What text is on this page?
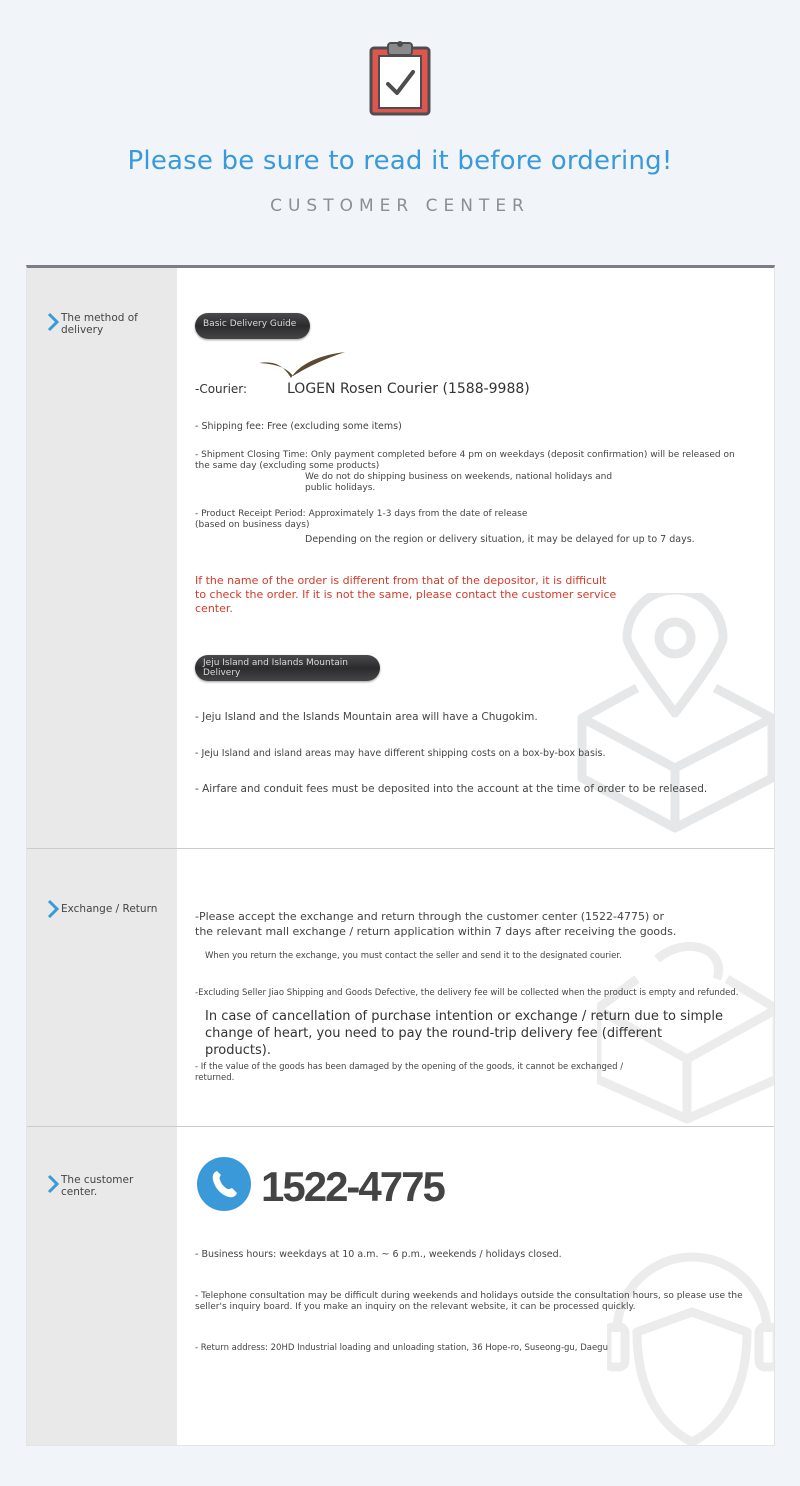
Please be sure to read it before ordering!
CUSTOMER CENTER
The method of delivery	Basic Delivery Guide
-Courier:	LOGEN Rosen Courier (1588-9988)
- Shipping fee: Free (excluding some items)
- Shipment Closing Time: Only payment completed before 4 pm on weekdays (deposit confirmation) will be released on the same day (excluding some products)
We do not do shipping business on weekends, national holidays and public holidays.
- Product Receipt Period: Approximately 1-3 days from the date of release (based on business days)
Depending on the region or delivery situation, it may be delayed for up to 7 days.
If the name of the order is different from that of the depositor, it is difficult to check the order. If it is not the same, please contact the customer service center.
Jeju Island and Islands Mountain Delivery
- Jeju Island and the Islands Mountain area will have a Chugokim.
- Jeju Island and island areas may have different shipping costs on a box-by-box basis.
- Airfare and conduit fees must be deposited into the account at the time of order to be released.
Exchange / Return
-Please accept the exchange and return through the customer center (1522-4775) or the relevant mall exchange / return application within 7 days after receiving the goods.
When you return the exchange, you must contact the seller and send it to the designated courier.
-Excluding Seller Jiao Shipping and Goods Defective, the delivery fee will be collected when the product is empty and refunded.
In case of cancellation of purchase intention or exchange / return due to simple change of heart, you need to pay the round-trip delivery fee (different products).
- If the value of the goods has been damaged by the opening of the goods, it cannot be exchanged / returned.
The customer center.	1522-4775
- Business hours: weekdays at 10 a.m. ~ 6 p.m., weekends / holidays closed.
- Telephone consultation may be difficult during weekends and holidays outside the consultation hours, so please use the seller's inquiry board. If you make an inquiry on the relevant website, it can be processed quickly.
- Return address: 20HD Industrial loading and unloading station, 36 Hope-ro, Suseong-gu, Daegu
